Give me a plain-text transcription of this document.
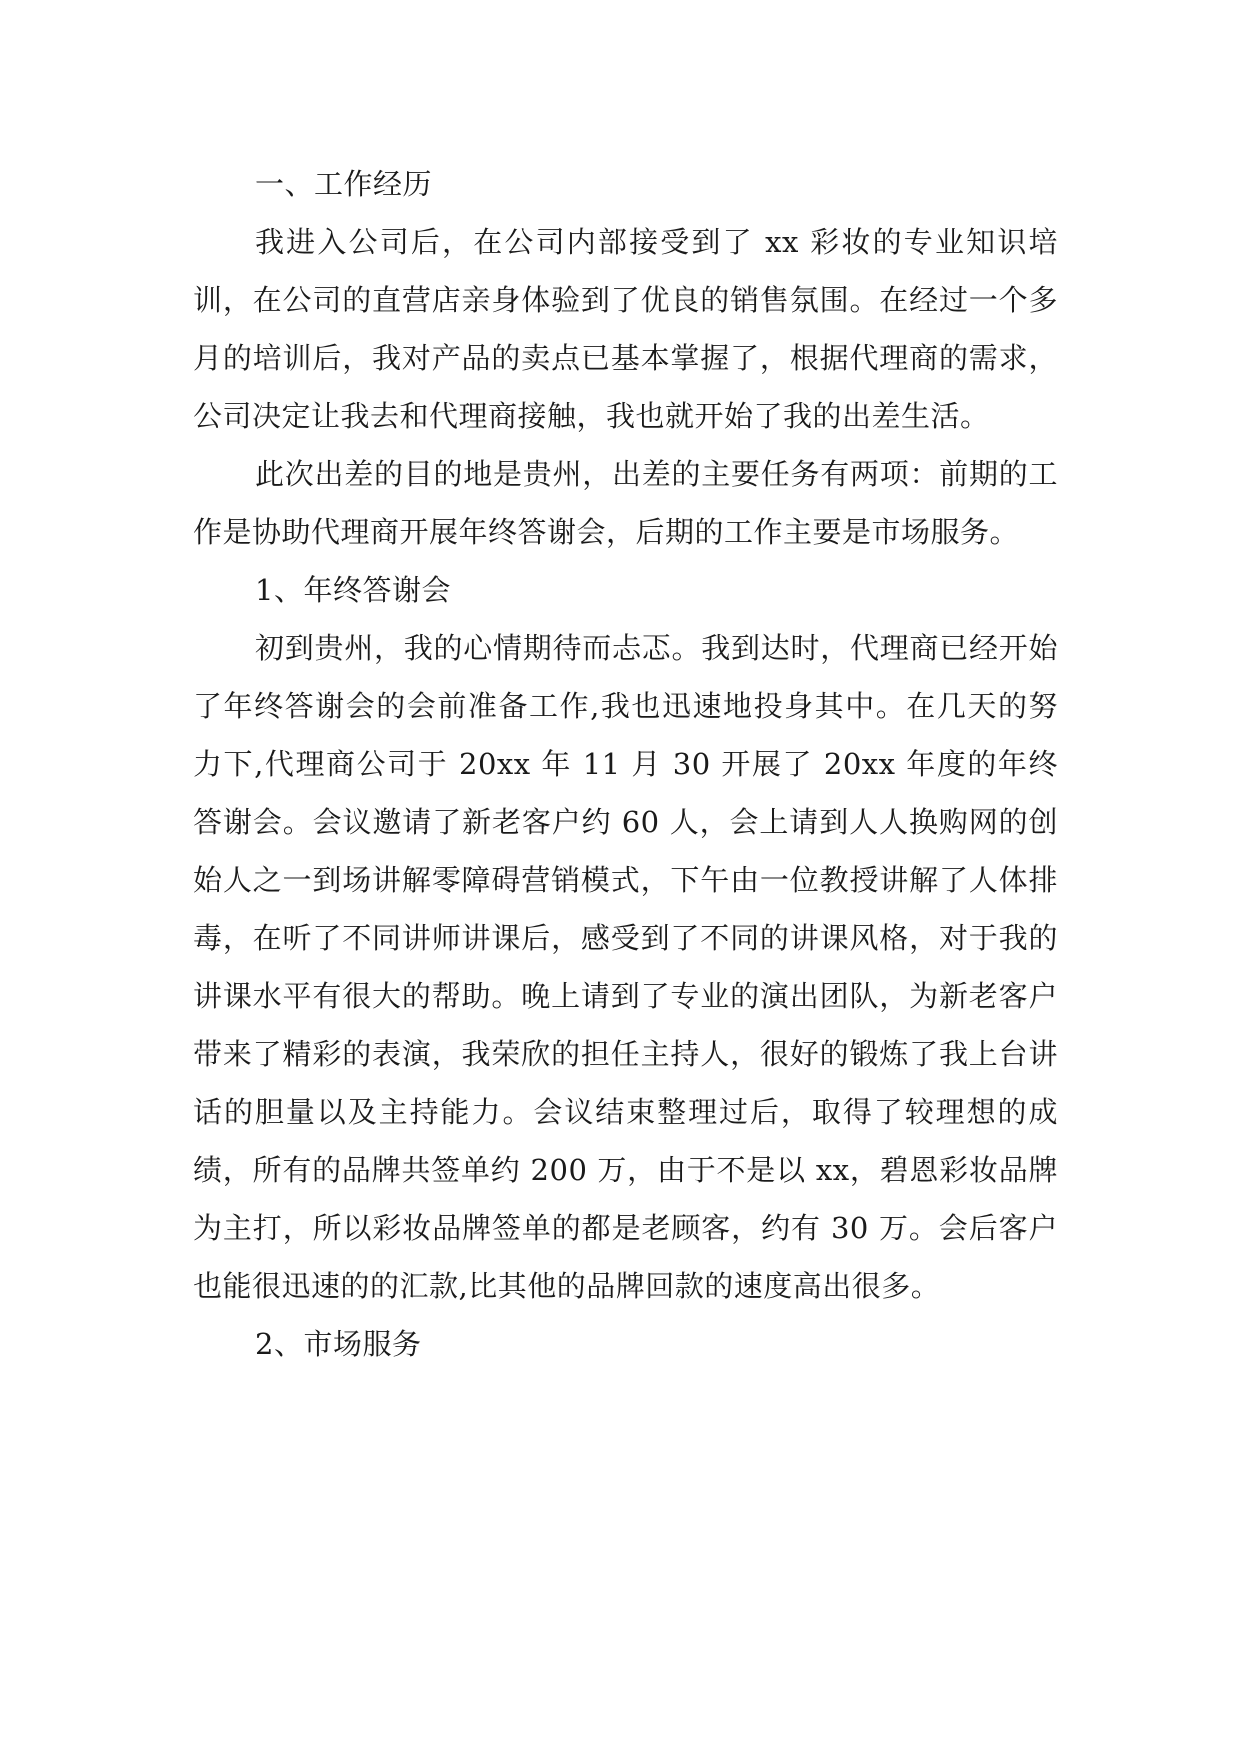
一、工作经历

我进入公司后，在公司内部接受到了 xx 彩妆的专业知识培训，在公司的直营店亲身体验到了优良的销售氛围。在经过一个多月的培训后，我对产品的卖点已基本掌握了，根据代理商的需求，公司决定让我去和代理商接触，我也就开始了我的出差生活。

此次出差的目的地是贵州，出差的主要任务有两项：前期的工作是协助代理商开展年终答谢会，后期的工作主要是市场服务。

1、年终答谢会

初到贵州，我的心情期待而忐忑。我到达时，代理商已经开始了年终答谢会的会前准备工作,我也迅速地投身其中。在几天的努力下,代理商公司于 20xx 年 11 月 30 开展了 20xx 年度的年终答谢会。会议邀请了新老客户约 60 人，会上请到人人换购网的创始人之一到场讲解零障碍营销模式，下午由一位教授讲解了人体排毒，在听了不同讲师讲课后，感受到了不同的讲课风格，对于我的讲课水平有很大的帮助。晚上请到了专业的演出团队，为新老客户带来了精彩的表演，我荣欣的担任主持人，很好的锻炼了我上台讲话的胆量以及主持能力。会议结束整理过后，取得了较理想的成绩，所有的品牌共签单约 200 万，由于不是以 xx，碧恩彩妆品牌为主打，所以彩妆品牌签单的都是老顾客，约有 30 万。会后客户也能很迅速的的汇款,比其他的品牌回款的速度高出很多。

2、市场服务
